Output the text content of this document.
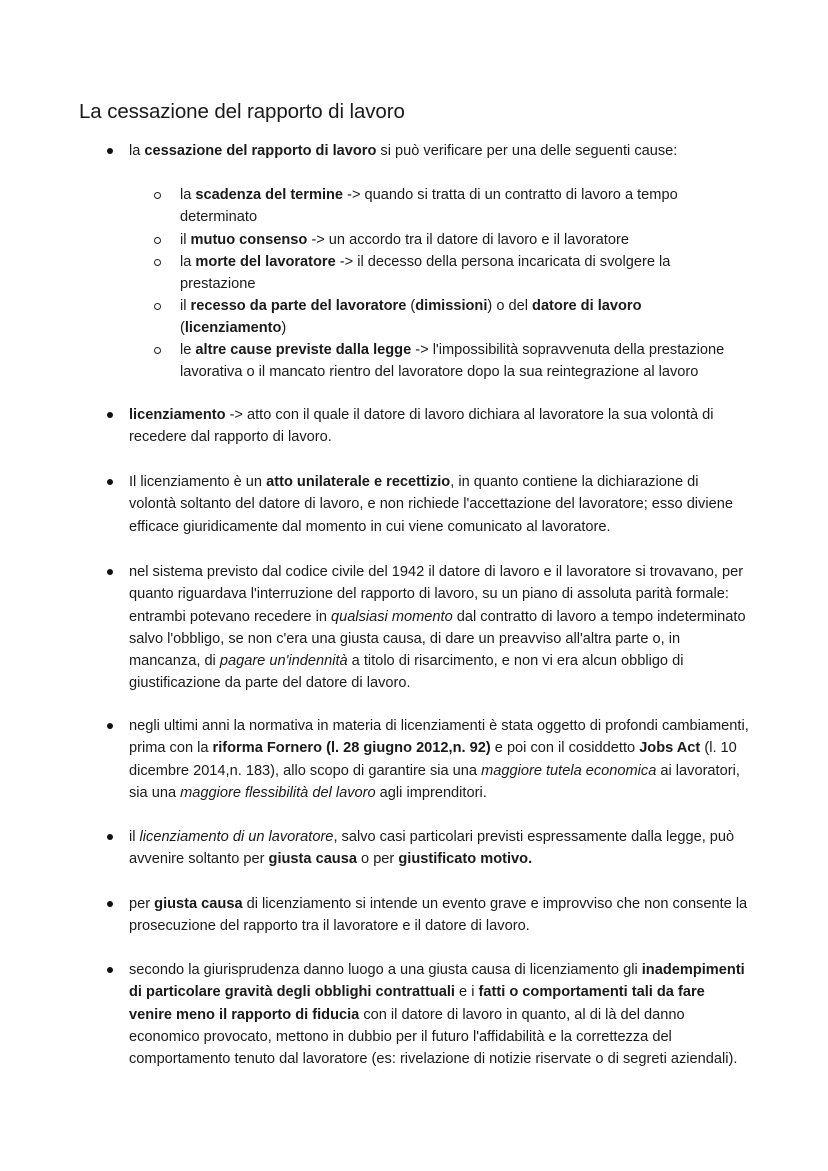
La cessazione del rapporto di lavoro
la cessazione del rapporto di lavoro si può verificare per una delle seguenti cause:
la scadenza del termine -> quando si tratta di un contratto di lavoro a tempo determinato
il mutuo consenso -> un accordo tra il datore di lavoro e il lavoratore
la morte del lavoratore -> il decesso della persona incaricata di svolgere la prestazione
il recesso da parte del lavoratore (dimissioni) o del datore di lavoro (licenziamento)
le altre cause previste dalla legge -> l'impossibilità sopravvenuta della prestazione lavorativa o il mancato rientro del lavoratore dopo la sua reintegrazione al lavoro
licenziamento -> atto con il quale il datore di lavoro dichiara al lavoratore la sua volontà di recedere dal rapporto di lavoro.
Il licenziamento è un atto unilaterale e recettizio, in quanto contiene la dichiarazione di volontà soltanto del datore di lavoro, e non richiede l'accettazione del lavoratore; esso diviene efficace giuridicamente dal momento in cui viene comunicato al lavoratore.
nel sistema previsto dal codice civile del 1942 il datore di lavoro e il lavoratore si trovavano, per quanto riguardava l'interruzione del rapporto di lavoro, su un piano di assoluta parità formale: entrambi potevano recedere in qualsiasi momento dal contratto di lavoro a tempo indeterminato salvo l'obbligo, se non c'era una giusta causa, di dare un preavviso all'altra parte o, in mancanza, di pagare un'indennità a titolo di risarcimento, e non vi era alcun obbligo di giustificazione da parte del datore di lavoro.
negli ultimi anni la normativa in materia di licenziamenti è stata oggetto di profondi cambiamenti, prima con la riforma Fornero (l. 28 giugno 2012,n. 92) e poi con il cosiddetto Jobs Act (l. 10 dicembre 2014,n. 183), allo scopo di garantire sia una maggiore tutela economica ai lavoratori, sia una maggiore flessibilità del lavoro agli imprenditori.
il licenziamento di un lavoratore, salvo casi particolari previsti espressamente dalla legge, può avvenire soltanto per giusta causa o per giustificato motivo.
per giusta causa di licenziamento si intende un evento grave e improvviso che non consente la prosecuzione del rapporto tra il lavoratore e il datore di lavoro.
secondo la giurisprudenza danno luogo a una giusta causa di licenziamento gli inadempimenti di particolare gravità degli obblighi contrattuali e i fatti o comportamenti tali da fare venire meno il rapporto di fiducia con il datore di lavoro in quanto, al di là del danno economico provocato, mettono in dubbio per il futuro l'affidabilità e la correttezza del comportamento tenuto dal lavoratore (es: rivelazione di notizie riservate o di segreti aziendali).
